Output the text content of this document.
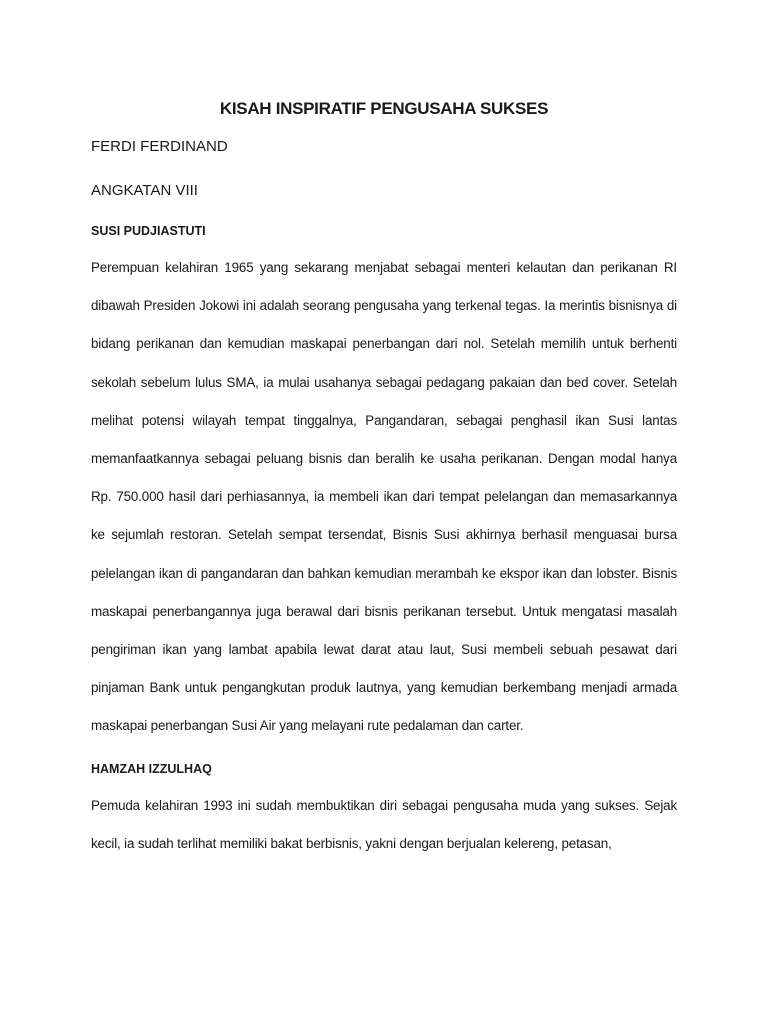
KISAH INSPIRATIF PENGUSAHA SUKSES

FERDI FERDINAND

ANGKATAN VIII

SUSI PUDJIASTUTI

Perempuan kelahiran 1965 yang sekarang menjabat sebagai menteri kelautan dan perikanan RI dibawah Presiden Jokowi ini adalah seorang pengusaha yang terkenal tegas. Ia merintis bisnisnya di bidang perikanan dan kemudian maskapai penerbangan dari nol. Setelah memilih untuk berhenti sekolah sebelum lulus SMA, ia mulai usahanya sebagai pedagang pakaian dan bed cover. Setelah melihat potensi wilayah tempat tinggalnya, Pangandaran, sebagai penghasil ikan Susi lantas memanfaatkannya sebagai peluang bisnis dan beralih ke usaha perikanan. Dengan modal hanya Rp. 750.000 hasil dari perhiasannya, ia membeli ikan dari tempat pelelangan dan memasarkannya ke sejumlah restoran. Setelah sempat tersendat, Bisnis Susi akhirnya berhasil menguasai bursa pelelangan ikan di pangandaran dan bahkan kemudian merambah ke ekspor ikan dan lobster. Bisnis maskapai penerbangannya juga berawal dari bisnis perikanan tersebut. Untuk mengatasi masalah pengiriman ikan yang lambat apabila lewat darat atau laut, Susi membeli sebuah pesawat dari pinjaman Bank untuk pengangkutan produk lautnya, yang kemudian berkembang menjadi armada maskapai penerbangan Susi Air yang melayani rute pedalaman dan carter.

HAMZAH IZZULHAQ

Pemuda kelahiran 1993 ini sudah membuktikan diri sebagai pengusaha muda yang sukses. Sejak kecil, ia sudah terlihat memiliki bakat berbisnis, yakni dengan berjualan kelereng, petasan,
